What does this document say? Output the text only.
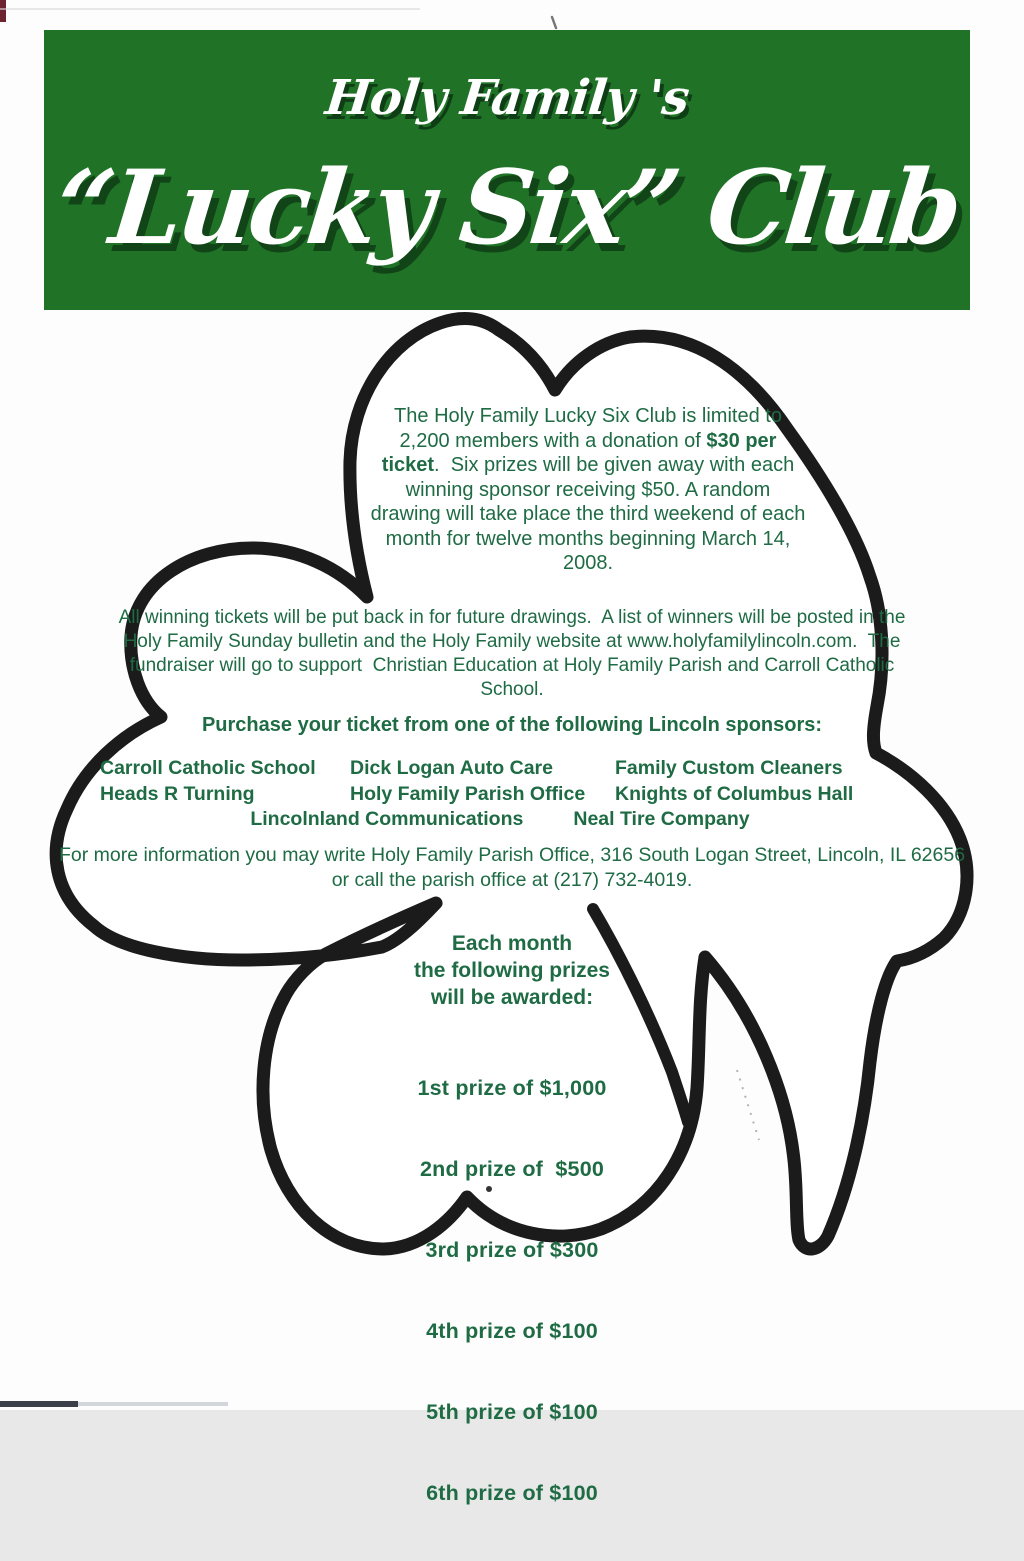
Holy Family 's
“Lucky Six” Club
The Holy Family Lucky Six Club is limited to 2,200 members with a donation of $30 per ticket.  Six prizes will be given away with each winning sponsor receiving $50. A random drawing will take place the third weekend of each month for twelve months beginning March 14, 2008.
All winning tickets will be put back in for future drawings.  A list of winners will be posted in the Holy Family Sunday bulletin and the Holy Family website at www.holyfamilylincoln.com.  The fundraiser will go to support  Christian Education at Holy Family Parish and Carroll Catholic School.
Purchase your ticket from one of the following Lincoln sponsors:
Carroll Catholic School	Dick Logan Auto Care	Family Custom Cleaners
Heads R Turning	Holy Family Parish Office	Knights of Columbus Hall
Lincolnland Communications	Neal Tire Company
For more information you may write Holy Family Parish Office, 316 South Logan Street, Lincoln, IL 62656 or call the parish office at (217) 732-4019.
Each month
the following prizes
will be awarded:

1st prize of $1,000

2nd prize of  $500

3rd prize of $300

4th prize of $100

5th prize of $100

6th prize of $100
